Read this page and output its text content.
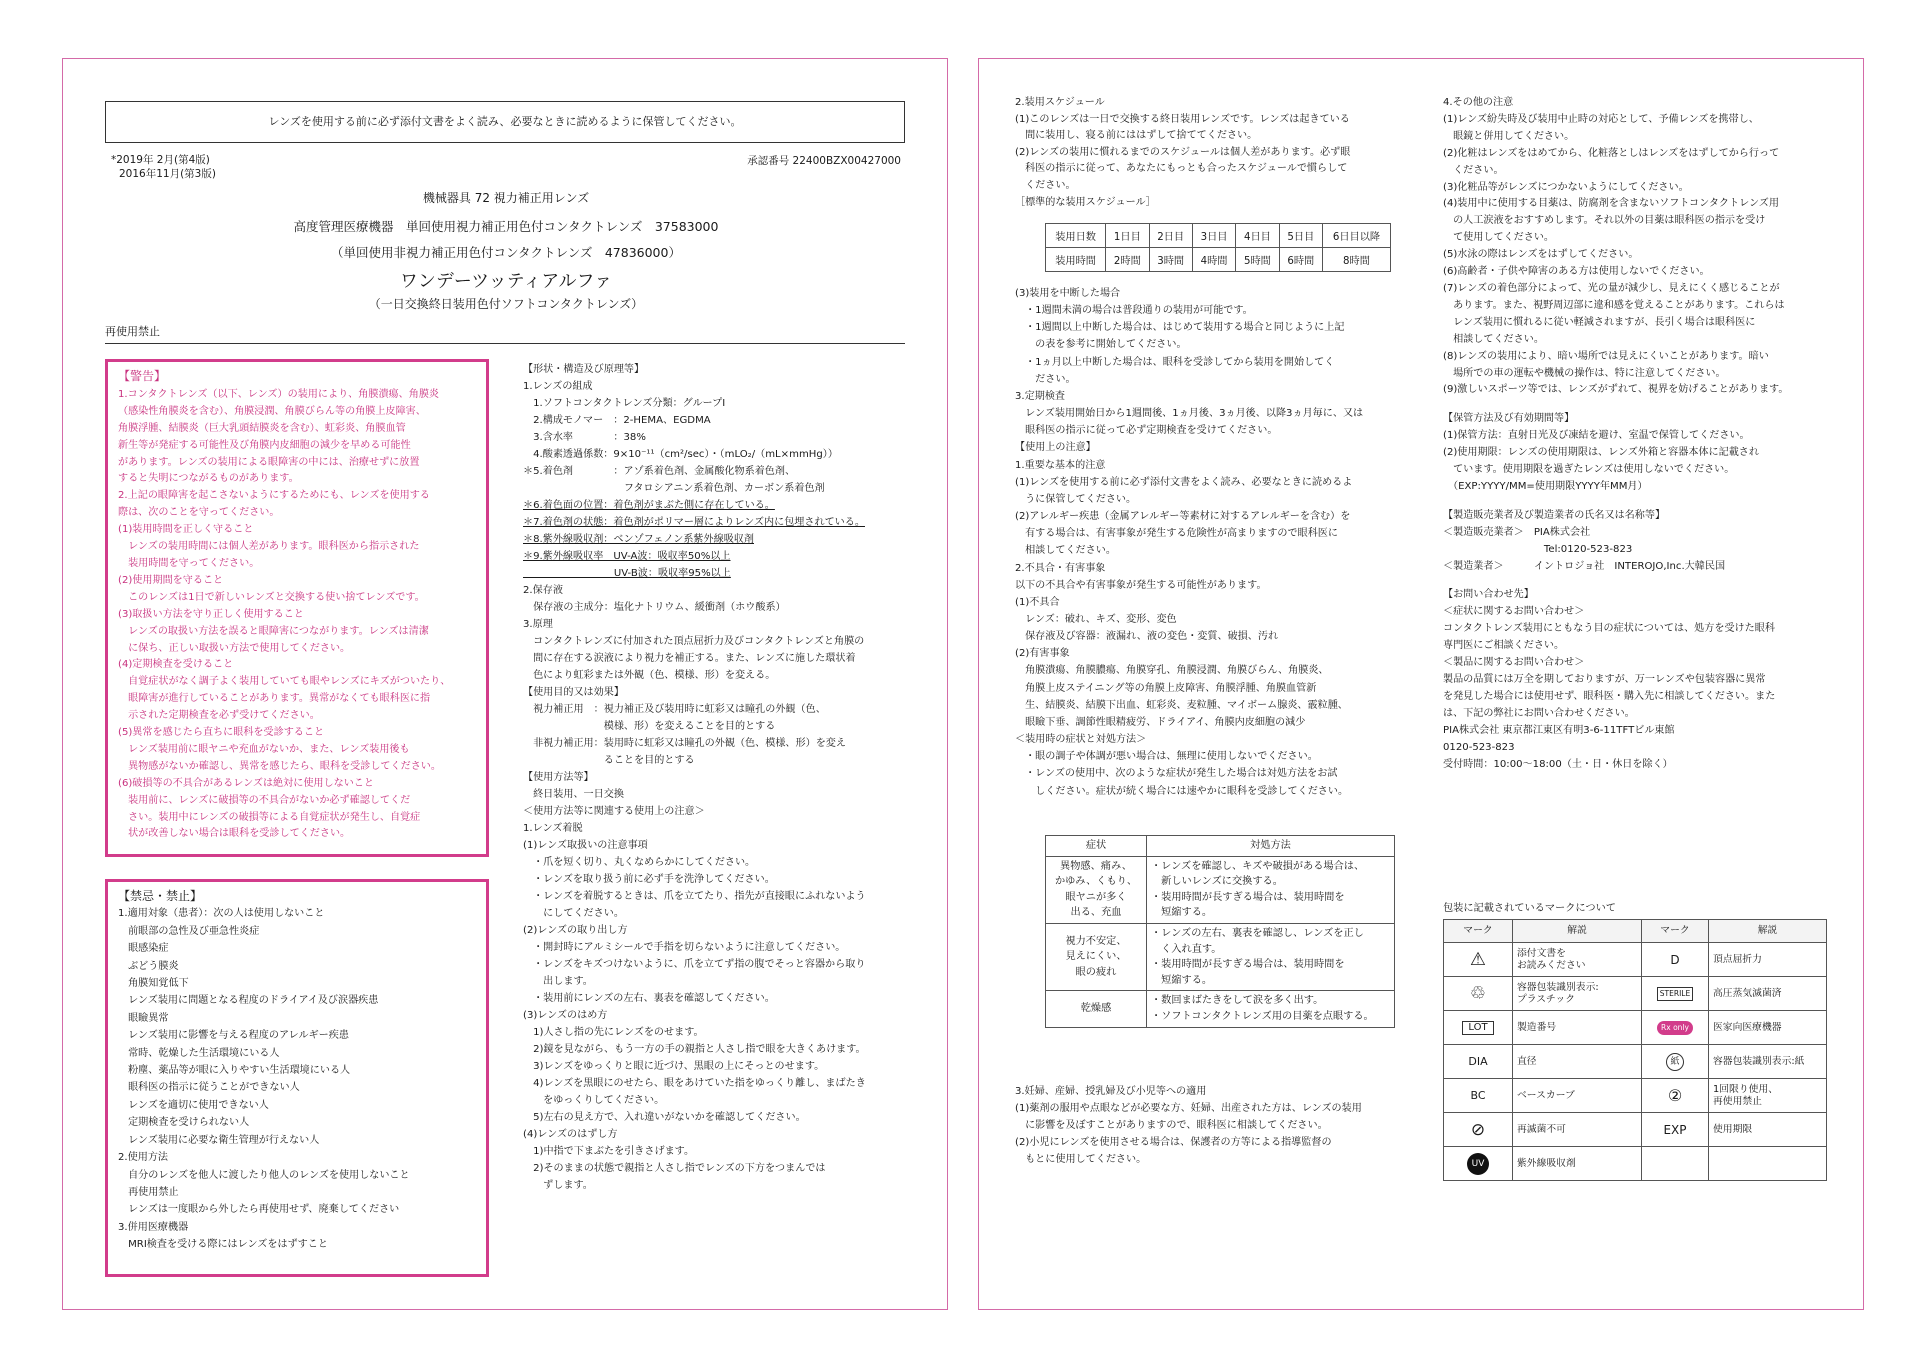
レンズを使用する前に必ず添付文書をよく読み、必要なときに読めるように保管してください。
*2019年 2月(第4版)
2016年11月(第3版)
承認番号 22400BZX00427000
機械器具 72 視力補正用レンズ
高度管理医療機器　単回使用視力補正用色付コンタクトレンズ　37583000
（単回使用非視力補正用色付コンタクトレンズ　47836000）
ワンデーツッティアルファ
（一日交換終日装用色付ソフトコンタクトレンズ）
再使用禁止
【警告】
1.コンタクトレンズ（以下、レンズ）の装用により、角膜潰瘍、角膜炎
（感染性角膜炎を含む）、角膜浸潤、角膜びらん等の角膜上皮障害、
角膜浮腫、結膜炎（巨大乳頭結膜炎を含む）、虹彩炎、角膜血管
新生等が発症する可能性及び角膜内皮細胞の減少を早める可能性
があります。レンズの装用による眼障害の中には、治療せずに放置
すると失明につながるものがあります。
2.上記の眼障害を起こさないようにするためにも、レンズを使用する
際は、次のことを守ってください。
(1)装用時間を正しく守ること
　レンズの装用時間には個人差があります。眼科医から指示された
　装用時間を守ってください。
(2)使用期間を守ること
　このレンズは1日で新しいレンズと交換する使い捨てレンズです。
(3)取扱い方法を守り正しく使用すること
　レンズの取扱い方法を誤ると眼障害につながります。レンズは清潔
　に保ち、正しい取扱い方法で使用してください。
(4)定期検査を受けること
　自覚症状がなく調子よく装用していても眼やレンズにキズがついたり、
　眼障害が進行していることがあります。異常がなくても眼科医に指
　示された定期検査を必ず受けてください。
(5)異常を感じたら直ちに眼科を受診すること
　レンズ装用前に眼ヤニや充血がないか、また、レンズ装用後も
　異物感がないか確認し、異常を感じたら、眼科を受診してください。
(6)破損等の不具合があるレンズは絶対に使用しないこと
　装用前に、レンズに破損等の不具合がないか必ず確認してくだ
　さい。装用中にレンズの破損等による自覚症状が発生し、自覚症
　状が改善しない場合は眼科を受診してください。
【禁忌・禁止】
1.適用対象（患者）：次の人は使用しないこと
　前眼部の急性及び亜急性炎症
　眼感染症
　ぶどう膜炎
　角膜知覚低下
　レンズ装用に問題となる程度のドライアイ及び涙器疾患
　眼瞼異常
　レンズ装用に影響を与える程度のアレルギー疾患
　常時、乾燥した生活環境にいる人
　粉塵、薬品等が眼に入りやすい生活環境にいる人
　眼科医の指示に従うことができない人
　レンズを適切に使用できない人
　定期検査を受けられない人
　レンズ装用に必要な衛生管理が行えない人
2.使用方法
　自分のレンズを他人に渡したり他人のレンズを使用しないこと
　再使用禁止
　レンズは一度眼から外したら再使用せず、廃棄してください
3.併用医療機器
　MRI検査を受ける際にはレンズをはずすこと
【形状・構造及び原理等】
1.レンズの組成
　1.ソフトコンタクトレンズ分類：グループⅠ
　2.構成モノマー　：2-HEMA、EGDMA
　3.含水率　　　　：38%
　4.酸素透過係数：9×10⁻¹¹（cm²/sec）・（mLO₂/（mL×mmHg））
＊5.着色剤　　　　：アゾ系着色剤、金属酸化物系着色剤、
　　　　　　　　　　フタロシアニン系着色剤、カーボン系着色剤
＊6.着色面の位置：着色剤がまぶた側に存在している。
＊7.着色剤の状態：着色剤がポリマー層によりレンズ内に包埋されている。
＊8.紫外線吸収剤：ベンゾフェノン系紫外線吸収剤
＊9.紫外線吸収率　UV-A波：吸収率50%以上
　　　　　　　　　UV-B波：吸収率95%以上
2.保存液
　保存液の主成分：塩化ナトリウム、緩衝剤（ホウ酸系）
3.原理
　コンタクトレンズに付加された頂点屈折力及びコンタクトレンズと角膜の
　間に存在する涙液により視力を補正する。また、レンズに施した環状着
　色により虹彩または外観（色、模様、形）を変える。
【使用目的又は効果】
　視力補正用　：視力補正及び装用時に虹彩又は瞳孔の外観（色、
　　　　　　　　模様、形）を変えることを目的とする
　非視力補正用：装用時に虹彩又は瞳孔の外観（色、模様、形）を変え
　　　　　　　　ることを目的とする
【使用方法等】
　終日装用、一日交換
＜使用方法等に関連する使用上の注意＞
1.レンズ着脱
(1)レンズ取扱いの注意事項
　・爪を短く切り、丸くなめらかにしてください。
　・レンズを取り扱う前に必ず手を洗浄してください。
　・レンズを着脱するときは、爪を立てたり、指先が直接眼にふれないよう
　　にしてください。
(2)レンズの取り出し方
　・開封時にアルミシールで手指を切らないように注意してください。
　・レンズをキズつけないように、爪を立てず指の腹でそっと容器から取り
　　出します。
　・装用前にレンズの左右、裏表を確認してください。
(3)レンズのはめ方
　1)人さし指の先にレンズをのせます。
　2)鏡を見ながら、もう一方の手の親指と人さし指で眼を大きくあけます。
　3)レンズをゆっくりと眼に近づけ、黒眼の上にそっとのせます。
　4)レンズを黒眼にのせたら、眼をあけていた指をゆっくり離し、まばたき
　　をゆっくりしてください。
　5)左右の見え方で、入れ違いがないかを確認してください。
(4)レンズのはずし方
　1)中指で下まぶたを引きさげます。
　2)そのままの状態で親指と人さし指でレンズの下方をつまんでは
　　ずします。
2.装用スケジュール
(1)このレンズは一日で交換する終日装用レンズです。レンズは起きている
　間に装用し、寝る前にははずして捨ててください。
(2)レンズの装用に慣れるまでのスケジュールは個人差があります。必ず眼
　科医の指示に従って、あなたにもっとも合ったスケジュールで慣らして
　ください。
［標準的な装用スケジュール］
装用日数	1日目	2日目	3日目	4日目	5日目	6日目以降
装用時間	2時間	3時間	4時間	5時間	6時間	8時間
(3)装用を中断した場合
　・1週間未満の場合は普段通りの装用が可能です。
　・1週間以上中断した場合は、はじめて装用する場合と同じように上記
　　の表を参考に開始してください。
　・1ヵ月以上中断した場合は、眼科を受診してから装用を開始してく
　　ださい。
3.定期検査
　レンズ装用開始日から1週間後、1ヵ月後、3ヵ月後、以降3ヵ月毎に、又は
　眼科医の指示に従って必ず定期検査を受けてください。
【使用上の注意】
1.重要な基本的注意
(1)レンズを使用する前に必ず添付文書をよく読み、必要なときに読めるよ
　うに保管してください。
(2)アレルギー疾患（金属アレルギー等素材に対するアレルギーを含む）を
　有する場合は、有害事象が発生する危険性が高まりますので眼科医に
　相談してください。
2.不具合・有害事象
以下の不具合や有害事象が発生する可能性があります。
(1)不具合
　レンズ：破れ、キズ、変形、変色
　保存液及び容器：液漏れ、液の変色・変質、破損、汚れ
(2)有害事象
　角膜潰瘍、角膜膿瘍、角膜穿孔、角膜浸潤、角膜びらん、角膜炎、
　角膜上皮ステイニング等の角膜上皮障害、角膜浮腫、角膜血管新
　生、結膜炎、結膜下出血、虹彩炎、麦粒腫、マイボーム腺炎、霰粒腫、
　眼瞼下垂、調節性眼精疲労、ドライアイ、角膜内皮細胞の減少
＜装用時の症状と対処方法＞
　・眼の調子や体調が悪い場合は、無理に使用しないでください。
　・レンズの使用中、次のような症状が発生した場合は対処方法をお試
　　しください。症状が続く場合には速やかに眼科を受診してください。
症状	対処方法

異物感、痛み、
かゆみ、くもり、
眼ヤニが多く
出る、充血	・レンズを確認し、キズや破損がある場合は、
　新しいレンズに交換する。
・装用時間が長すぎる場合は、装用時間を
　短縮する。

視力不安定、
見えにくい、
眼の疲れ	・レンズの左右、裏表を確認し、レンズを正し
　く入れ直す。
・装用時間が長すぎる場合は、装用時間を
　短縮する。

乾燥感	・数回まばたきをして涙を多く出す。
・ソフトコンタクトレンズ用の目薬を点眼する。
3.妊婦、産婦、授乳婦及び小児等への適用
(1)薬剤の服用や点眼などが必要な方、妊婦、出産された方は、レンズの装用
　に影響を及ぼすことがありますので、眼科医に相談してください。
(2)小児にレンズを使用させる場合は、保護者の方等による指導監督の
　もとに使用してください。
4.その他の注意
(1)レンズ紛失時及び装用中止時の対応として、予備レンズを携帯し、
　眼鏡と併用してください。
(2)化粧はレンズをはめてから、化粧落としはレンズをはずしてから行って
　ください。
(3)化粧品等がレンズにつかないようにしてください。
(4)装用中に使用する目薬は、防腐剤を含まないソフトコンタクトレンズ用
　の人工涙液をおすすめします。それ以外の目薬は眼科医の指示を受け
　て使用してください。
(5)水泳の際はレンズをはずしてください。
(6)高齢者・子供や障害のある方は使用しないでください。
(7)レンズの着色部分によって、光の量が減少し、見えにくく感じることが
　あります。また、視野周辺部に違和感を覚えることがあります。これらは
　レンズ装用に慣れるに従い軽減されますが、長引く場合は眼科医に
　相談してください。
(8)レンズの装用により、暗い場所では見えにくいことがあります。暗い
　場所での車の運転や機械の操作は、特に注意してください。
(9)激しいスポーツ等では、レンズがずれて、視界を妨げることがあります。
【保管方法及び有効期間等】
(1)保管方法：直射日光及び凍結を避け、室温で保管してください。
(2)使用期限：レンズの使用期限は、レンズ外箱と容器本体に記載され
　ています。使用期限を過ぎたレンズは使用しないでください。
　（EXP:YYYY/MM=使用期限YYYY年MM月）
【製造販売業者及び製造業者の氏名又は名称等】
＜製造販売業者＞　PIA株式会社
　　　　　　　　　　Tel:0120-523-823
＜製造業者＞　　　イントロジョ社　INTEROJO,Inc.大韓民国
【お問い合わせ先】
＜症状に関するお問い合わせ＞
コンタクトレンズ装用にともなう目の症状については、処方を受けた眼科
専門医にご相談ください。
＜製品に関するお問い合わせ＞
製品の品質には万全を期しておりますが、万一レンズや包装容器に異常
を発見した場合には使用せず、眼科医・購入先に相談してください。また
は、下記の弊社にお問い合わせください。
PIA株式会社 東京都江東区有明3-6-11TFTビル東館
0120-523-823
受付時間：10:00～18:00（土・日・休日を除く）
包装に記載されているマークについて
マーク	解説	マーク	解説
⚠	添付文書を
お読みください	D	頂点屈折力
♲	容器包装識別表示:
プラスチック	STERILE	高圧蒸気滅菌済
LOT	製造番号	Rx only	医家向医療機器
DIA	直径	紙	容器包装識別表示:紙
BC	ベースカーブ	②	1回限り使用、
再使用禁止
⊘	再滅菌不可	EXP	使用期限
UV	紫外線吸収剤		
